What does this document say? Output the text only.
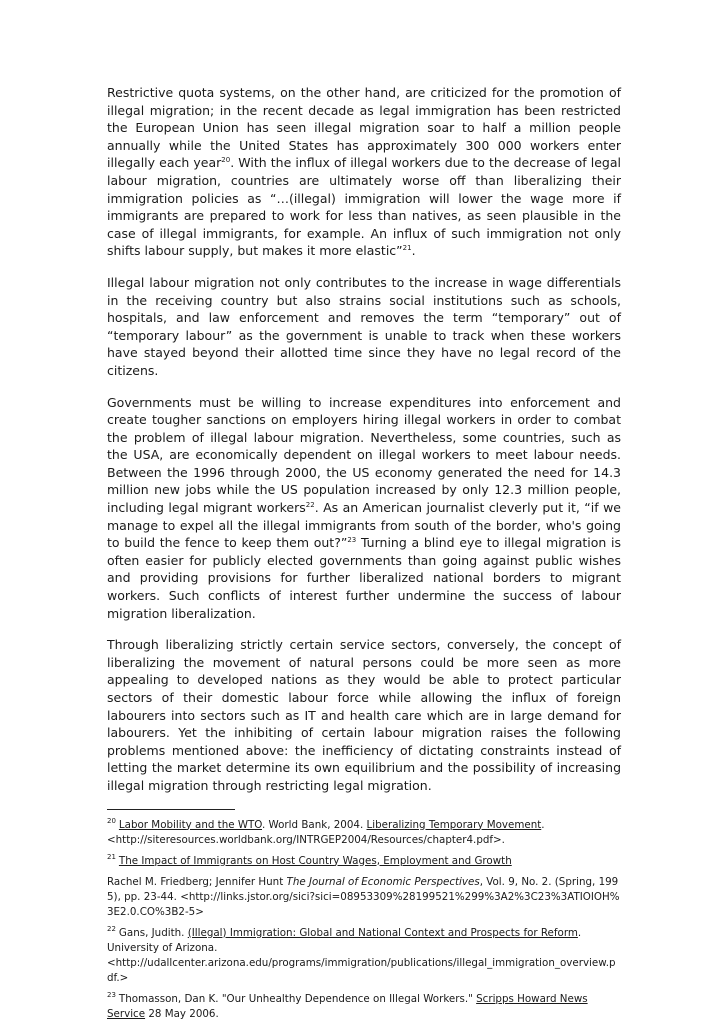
Restrictive quota systems, on the other hand, are criticized for the promotion of illegal migration; in the recent decade as legal immigration has been restricted the European Union has seen illegal migration soar to half a million people annually while the United States has approximately 300 000 workers enter illegally each year$^{20}$. With the influx of illegal workers due to the decrease of legal labour migration, countries are ultimately worse off than liberalizing their immigration policies as “…(illegal) immigration will lower the wage more if immigrants are prepared to work for less than natives, as seen plausible in the case of illegal immigrants, for example. An influx of such immigration not only shifts labour supply, but makes it more elastic”$^{21}$.

Illegal labour migration not only contributes to the increase in wage differentials in the receiving country but also strains social institutions such as schools, hospitals, and law enforcement and removes the term “temporary” out of “temporary labour” as the government is unable to track when these workers have stayed beyond their allotted time since they have no legal record of the citizens.

Governments must be willing to increase expenditures into enforcement and create tougher sanctions on employers hiring illegal workers in order to combat the problem of illegal labour migration. Nevertheless, some countries, such as the USA, are economically dependent on illegal workers to meet labour needs. Between the 1996 through 2000, the US economy generated the need for 14.3 million new jobs while the US population increased by only 12.3 million people, including legal migrant workers$^{22}$. As an American journalist cleverly put it, “if we manage to expel all the illegal immigrants from south of the border, who's going to build the fence to keep them out?”$^{23}$ Turning a blind eye to illegal migration is often easier for publicly elected governments than going against public wishes and providing provisions for further liberalized national borders to migrant workers. Such conflicts of interest further undermine the success of labour migration liberalization.

Through liberalizing strictly certain service sectors, conversely, the concept of liberalizing the movement of natural persons could be more seen as more appealing to developed nations as they would be able to protect particular sectors of their domestic labour force while allowing the influx of foreign labourers into sectors such as IT and health care which are in large demand for labourers. Yet the inhibiting of certain labour migration raises the following problems mentioned above: the inefficiency of dictating constraints instead of letting the market determine its own equilibrium and the possibility of increasing illegal migration through restricting legal migration.

$^{20}$ Labor Mobility and the WTO. World Bank, 2004. Liberalizing Temporary Movement.
<http://siteresources.worldbank.org/INTRGEP2004/Resources/chapter4.pdf>.

$^{21}$ The Impact of Immigrants on Host Country Wages, Employment and Growth

Rachel M. Friedberg; Jennifer Hunt The Journal of Economic Perspectives, Vol. 9, No. 2. (Spring, 1995), pp. 23-44. <http://links.jstor.org/sici?sici=08953309%28199521%299%3A2%3C23%3ATIOIOH%3E2.0.CO%3B2-5>

$^{22}$ Gans, Judith. (Illegal) Immigration: Global and National Context and Prospects for Reform. University of Arizona.
<http://udallcenter.arizona.edu/programs/immigration/publications/illegal_immigration_overview.pdf.>

$^{23}$ Thomasson, Dan K. "Our Unhealthy Dependence on Illegal Workers." Scripps Howard News Service 28 May 2006.
